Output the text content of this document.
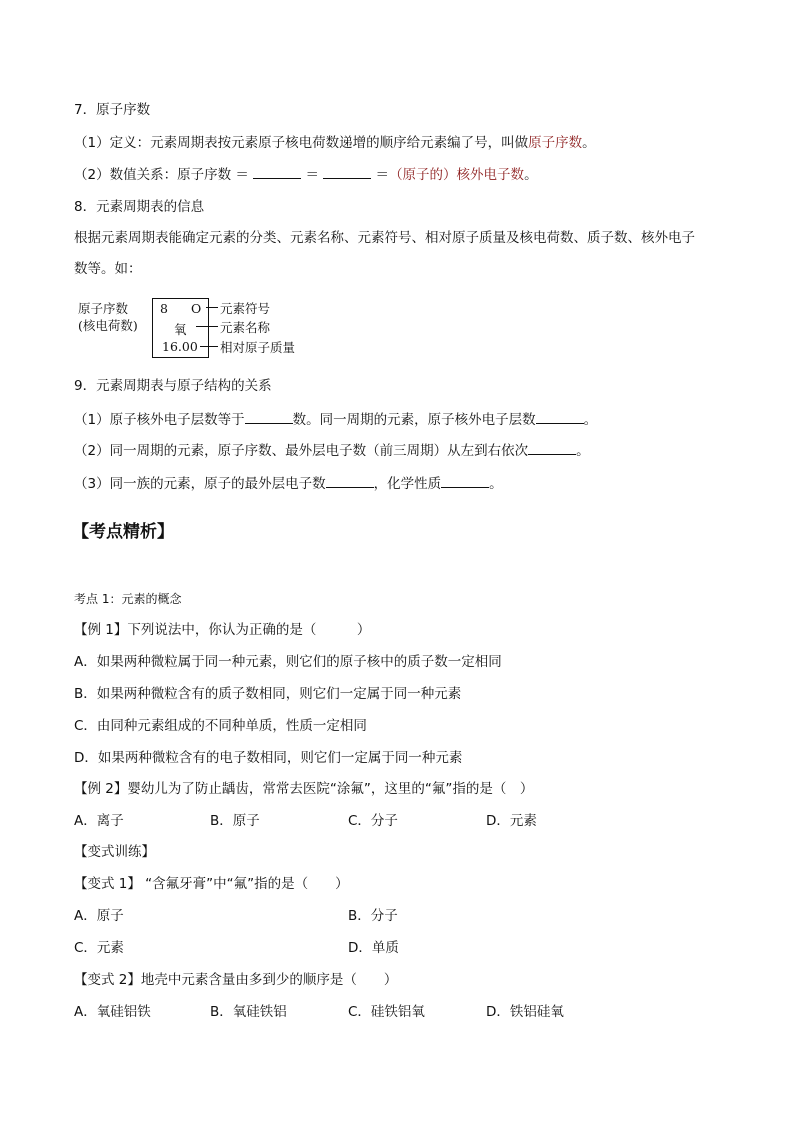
7．原子序数
（1）定义：元素周期表按元素原子核电荷数递增的顺序给元素编了号，叫做原子序数。
（2）数值关系：原子序数 ＝	＝	＝（原子的）核外电子数。
8．元素周期表的信息
根据元素周期表能确定元素的分类、元素名称、元素符号、相对原子质量及核电荷数、质子数、核外电子
数等。如：
原子序数
(核电荷数)
8 O
氧
16.00
元素符号
元素名称
相对原子质量
9．元素周期表与原子结构的关系
（1）原子核外电子层数等于	数。同一周期的元素，原子核外电子层数	。
（2）同一周期的元素，原子序数、最外层电子数（前三周期）从左到右依次	。
（3）同一族的元素，原子的最外层电子数	，化学性质	。
【考点精析】
考点 1：元素的概念
【例 1】下列说法中，你认为正确的是（　　　）
A．如果两种微粒属于同一种元素，则它们的原子核中的质子数一定相同
B．如果两种微粒含有的质子数相同，则它们一定属于同一种元素
C．由同种元素组成的不同种单质，性质一定相同
D．如果两种微粒含有的电子数相同，则它们一定属于同一种元素
【例 2】婴幼儿为了防止龋齿，常常去医院“涂氟”，这里的“氟”指的是（　）
A．离子	B．原子	C．分子	D．元素
【变式训练】
【变式 1】 “含氟牙膏”中“氟”指的是（　　）
A．原子	B．分子
C．元素	D．单质
【变式 2】地壳中元素含量由多到少的顺序是（　　）
A．氧硅铝铁	B．氧硅铁铝	C．硅铁铝氧	D．铁铝硅氧
